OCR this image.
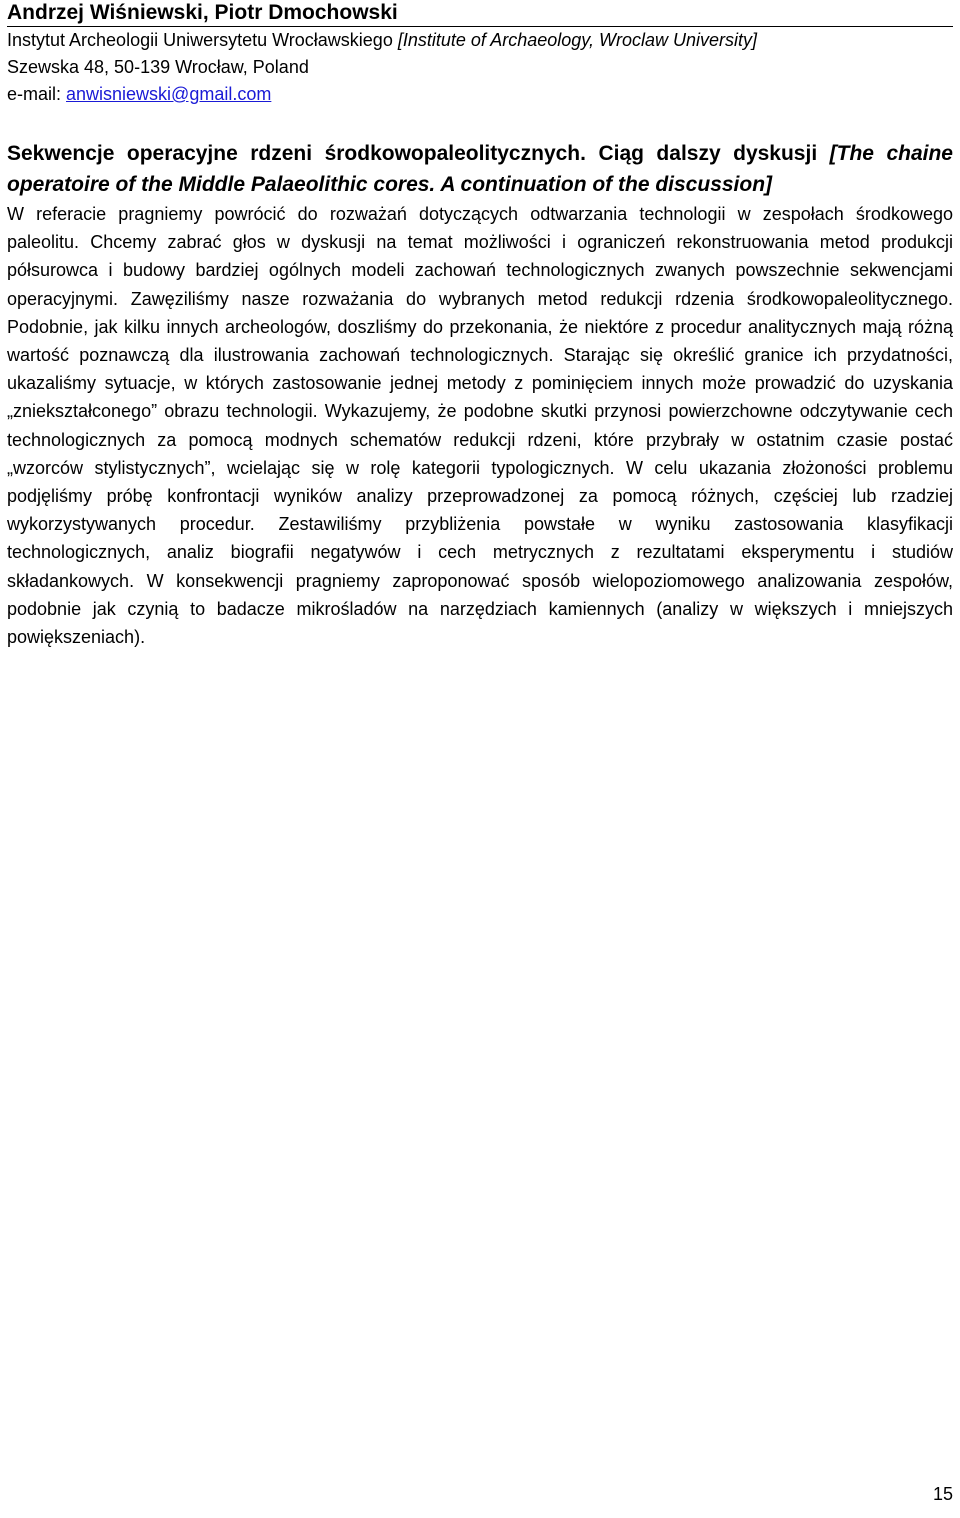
Andrzej Wiśniewski, Piotr Dmochowski

Instytut Archeologii Uniwersytetu Wrocławskiego [Institute of Archaeology, Wroclaw University]

Szewska 48, 50-139 Wrocław, Poland

e-mail: anwisniewski@gmail.com

Sekwencje operacyjne rdzeni środkowopaleolitycznych. Ciąg dalszy dyskusji [The chaine operatoire of the Middle Palaeolithic cores. A continuation of the discussion]

W referacie pragniemy powrócić do rozważań dotyczących odtwarzania technologii w zespołach środkowego paleolitu. Chcemy zabrać głos w dyskusji na temat możliwości i ograniczeń rekonstruowania metod produkcji półsurowca i budowy bardziej ogólnych modeli zachowań technologicznych zwanych powszechnie sekwencjami operacyjnymi. Zawęziliśmy nasze rozważania do wybranych metod redukcji rdzenia środkowopaleolitycznego. Podobnie, jak kilku innych archeologów, doszliśmy do przekonania, że niektóre z procedur analitycznych mają różną wartość poznawczą dla ilustrowania zachowań technologicznych. Starając się określić granice ich przydatności, ukazaliśmy sytuacje, w których zastosowanie jednej metody z pominięciem innych może prowadzić do uzyskania „zniekształconego” obrazu technologii. Wykazujemy, że podobne skutki przynosi powierzchowne odczytywanie cech technologicznych za pomocą modnych schematów redukcji rdzeni, które przybrały w ostatnim czasie postać „wzorców stylistycznych”, wcielając się w rolę kategorii typologicznych. W celu ukazania złożoności problemu podjęliśmy próbę konfrontacji wyników analizy przeprowadzonej za pomocą różnych, częściej lub rzadziej wykorzystywanych procedur. Zestawiliśmy przybliżenia powstałe w wyniku zastosowania klasyfikacji technologicznych, analiz biografii negatywów i cech metrycznych z rezultatami eksperymentu i studiów składankowych. W konsekwencji pragniemy zaproponować sposób wielopoziomowego analizowania zespołów, podobnie jak czynią to badacze mikrośladów na narzędziach kamiennych (analizy w większych i mniejszych powiększeniach).

15
